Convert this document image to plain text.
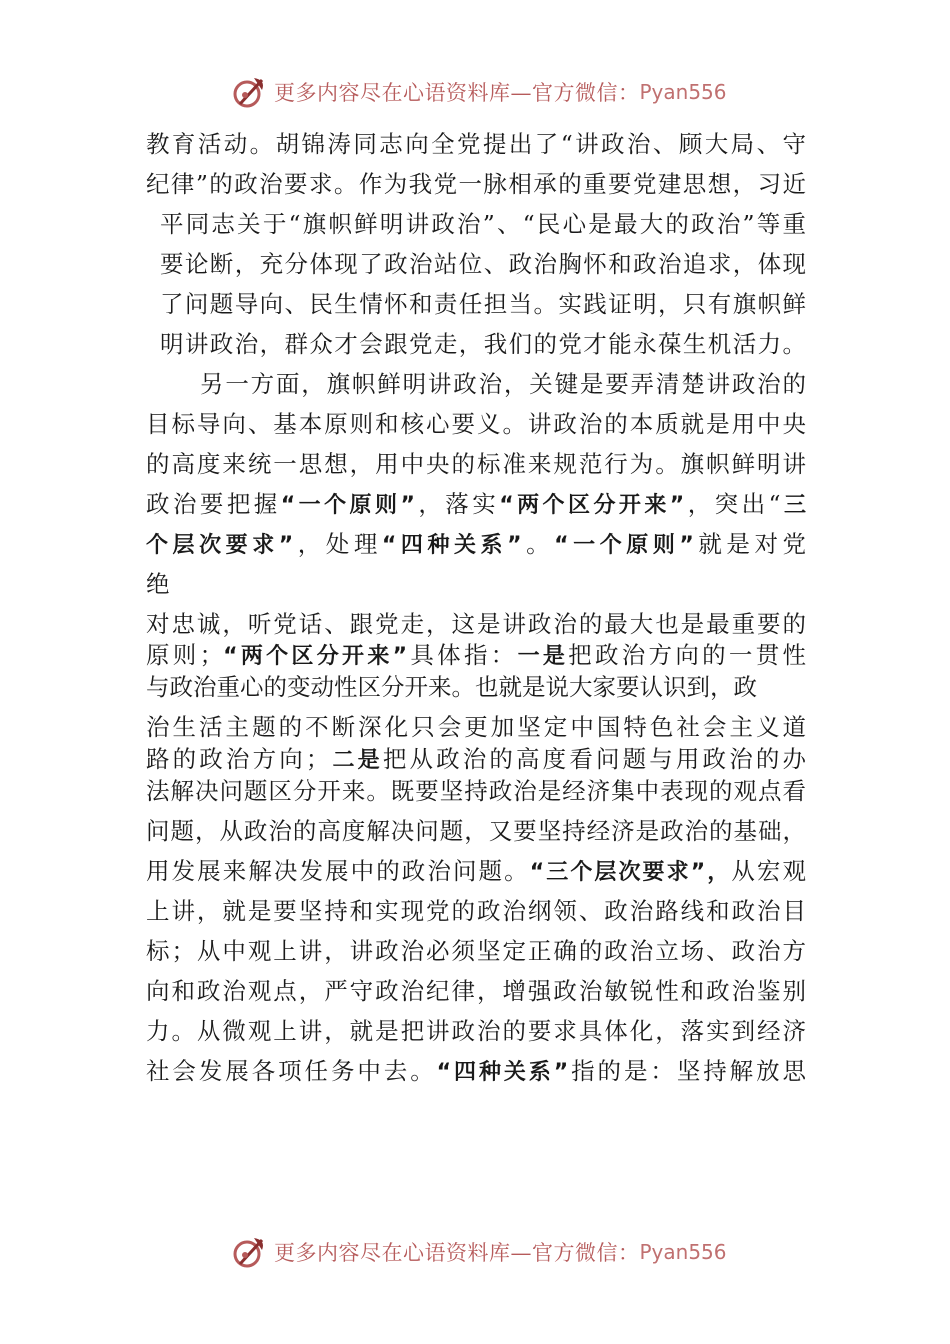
更多内容尽在心语资料库—官方微信： Pyan556
教育活动。胡锦涛同志向全党提出了“讲政治、顾大局、守
纪律”的政治要求。作为我党一脉相承的重要党建思想，习近
平同志关于“旗帜鲜明讲政治”、“民心是最大的政治”等重
要论断，充分体现了政治站位、政治胸怀和政治追求，体现
了问题导向、民生情怀和责任担当。实践证明，只有旗帜鲜
明讲政治，群众才会跟党走，我们的党才能永葆生机活力。
另一方面，旗帜鲜明讲政治，关键是要弄清楚讲政治的
目标导向、基本原则和核心要义。讲政治的本质就是用中央
的高度来统一思想，用中央的标准来规范行为。旗帜鲜明讲
政治要把握“一个原则”，落实“两个区分开来”，突出“三
个层次要求”，处理“四种关系”。“一个原则”就是对党
绝
对忠诚，听党话、跟党走，这是讲政治的最大也是最重要的
原则；“两个区分开来”具体指：一是把政治方向的一贯性
与政治重心的变动性区分开来。也就是说大家要认识到，政
治生活主题的不断深化只会更加坚定中国特色社会主义道
路的政治方向；二是把从政治的高度看问题与用政治的办
法解决问题区分开来。既要坚持政治是经济集中表现的观点看
问题，从政治的高度解决问题，又要坚持经济是政治的基础，
用发展来解决发展中的政治问题。“三个层次要求”，从宏观
上讲，就是要坚持和实现党的政治纲领、政治路线和政治目
标；从中观上讲，讲政治必须坚定正确的政治立场、政治方
向和政治观点，严守政治纪律，增强政治敏锐性和政治鉴别
力。从微观上讲，就是把讲政治的要求具体化，落实到经济
社会发展各项任务中去。“四种关系”指的是：坚持解放思
更多内容尽在心语资料库—官方微信： Pyan556
